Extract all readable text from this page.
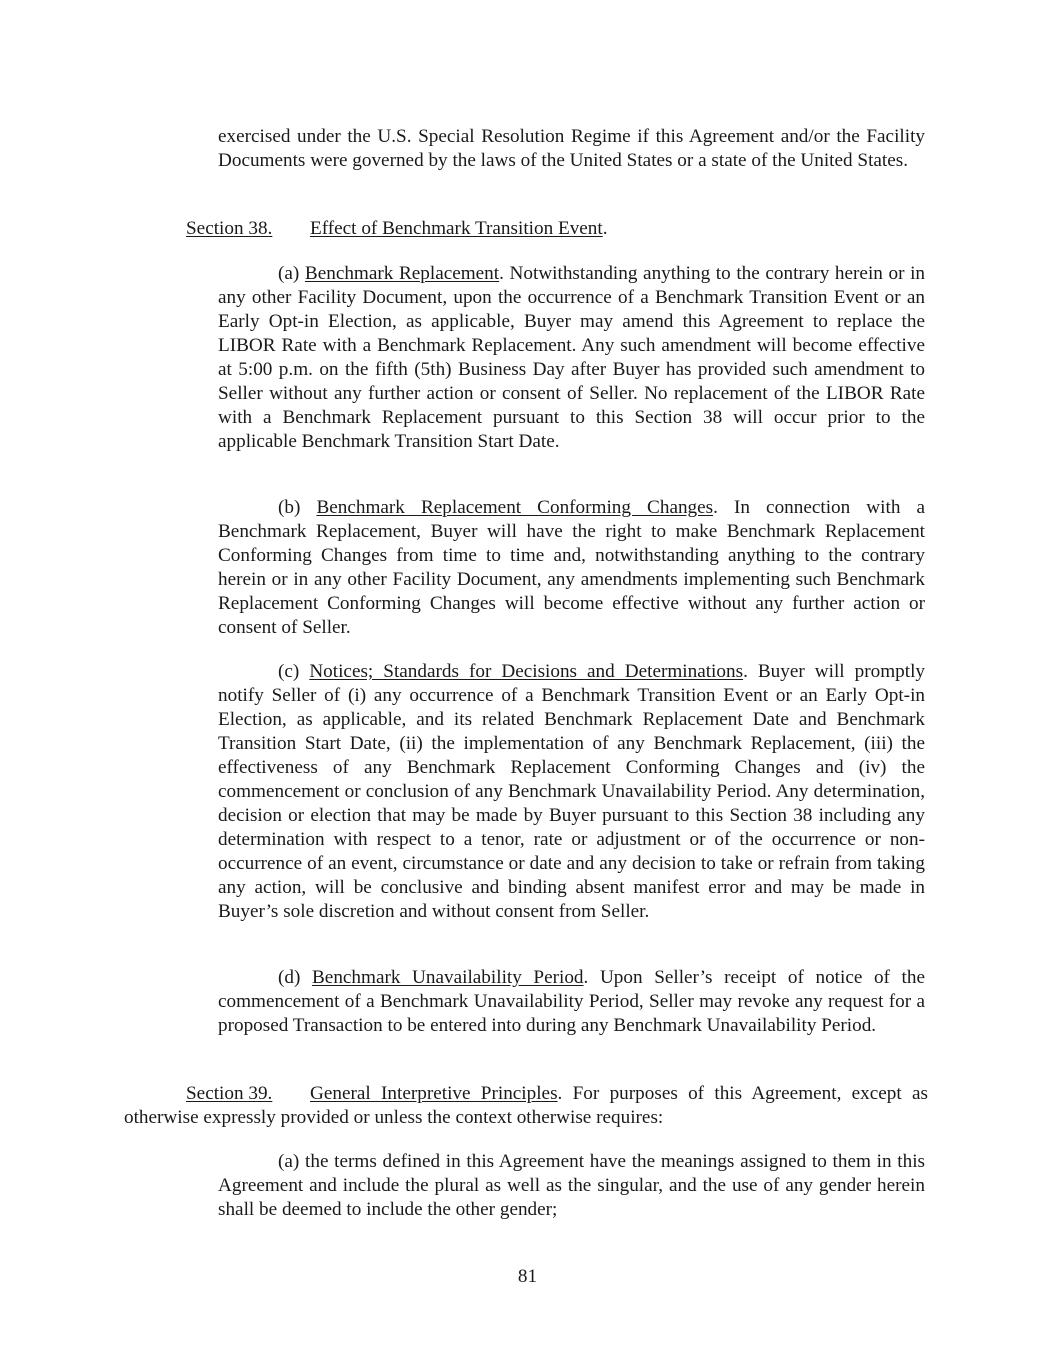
exercised under the U.S. Special Resolution Regime if this Agreement and/or the Facility Documents were governed by the laws of the United States or a state of the United States.

Section 38. Effect of Benchmark Transition Event.

(a) Benchmark Replacement. Notwithstanding anything to the contrary herein or in any other Facility Document, upon the occurrence of a Benchmark Transition Event or an Early Opt-in Election, as applicable, Buyer may amend this Agreement to replace the LIBOR Rate with a Benchmark Replacement. Any such amendment will become effective at 5:00 p.m. on the fifth (5th) Business Day after Buyer has provided such amendment to Seller without any further action or consent of Seller. No replacement of the LIBOR Rate with a Benchmark Replacement pursuant to this Section 38 will occur prior to the applicable Benchmark Transition Start Date.

(b) Benchmark Replacement Conforming Changes. In connection with a Benchmark Replacement, Buyer will have the right to make Benchmark Replacement Conforming Changes from time to time and, notwithstanding anything to the contrary herein or in any other Facility Document, any amendments implementing such Benchmark Replacement Conforming Changes will become effective without any further action or consent of Seller.

(c) Notices; Standards for Decisions and Determinations. Buyer will promptly notify Seller of (i) any occurrence of a Benchmark Transition Event or an Early Opt-in Election, as applicable, and its related Benchmark Replacement Date and Benchmark Transition Start Date, (ii) the implementation of any Benchmark Replacement, (iii) the effectiveness of any Benchmark Replacement Conforming Changes and (iv) the commencement or conclusion of any Benchmark Unavailability Period. Any determination, decision or election that may be made by Buyer pursuant to this Section 38 including any determination with respect to a tenor, rate or adjustment or of the occurrence or non-occurrence of an event, circumstance or date and any decision to take or refrain from taking any action, will be conclusive and binding absent manifest error and may be made in Buyer’s sole discretion and without consent from Seller.

(d) Benchmark Unavailability Period. Upon Seller’s receipt of notice of the commencement of a Benchmark Unavailability Period, Seller may revoke any request for a proposed Transaction to be entered into during any Benchmark Unavailability Period.

Section 39. General Interpretive Principles. For purposes of this Agreement, except as otherwise expressly provided or unless the context otherwise requires:

(a) the terms defined in this Agreement have the meanings assigned to them in this Agreement and include the plural as well as the singular, and the use of any gender herein shall be deemed to include the other gender;

81
